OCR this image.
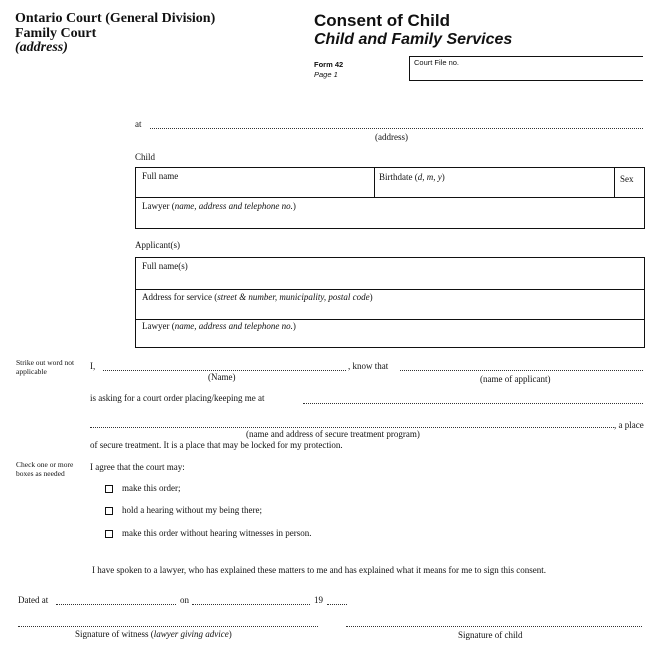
Ontario Court (General Division)
Family Court
(address)
Consent of Child
Child and Family Services
Form 42
Page 1
Court File no.
at
(address)
Child
Full name	Birthdate (d, m, y)	Sex
Lawyer (name, address and telephone no.)
Applicant(s)
Full name(s)
Address for service (street & number, municipality, postal code)
Lawyer (name, address and telephone no.)
Strike out word not applicable
I,	, know that
(Name)	(name of applicant)
is asking for a court order placing/keeping me at
, a place
(name and address of secure treatment program)
of secure treatment. It is a place that may be locked for my protection.
Check one or more boxes as needed
I agree that the court may:
make this order;
hold a hearing without my being there;
make this order without hearing witnesses in person.
I have spoken to a lawyer, who has explained these matters to me and has explained what it means for me to sign this consent.
Dated at	on	19
Signature of witness (lawyer giving advice)	Signature of child
